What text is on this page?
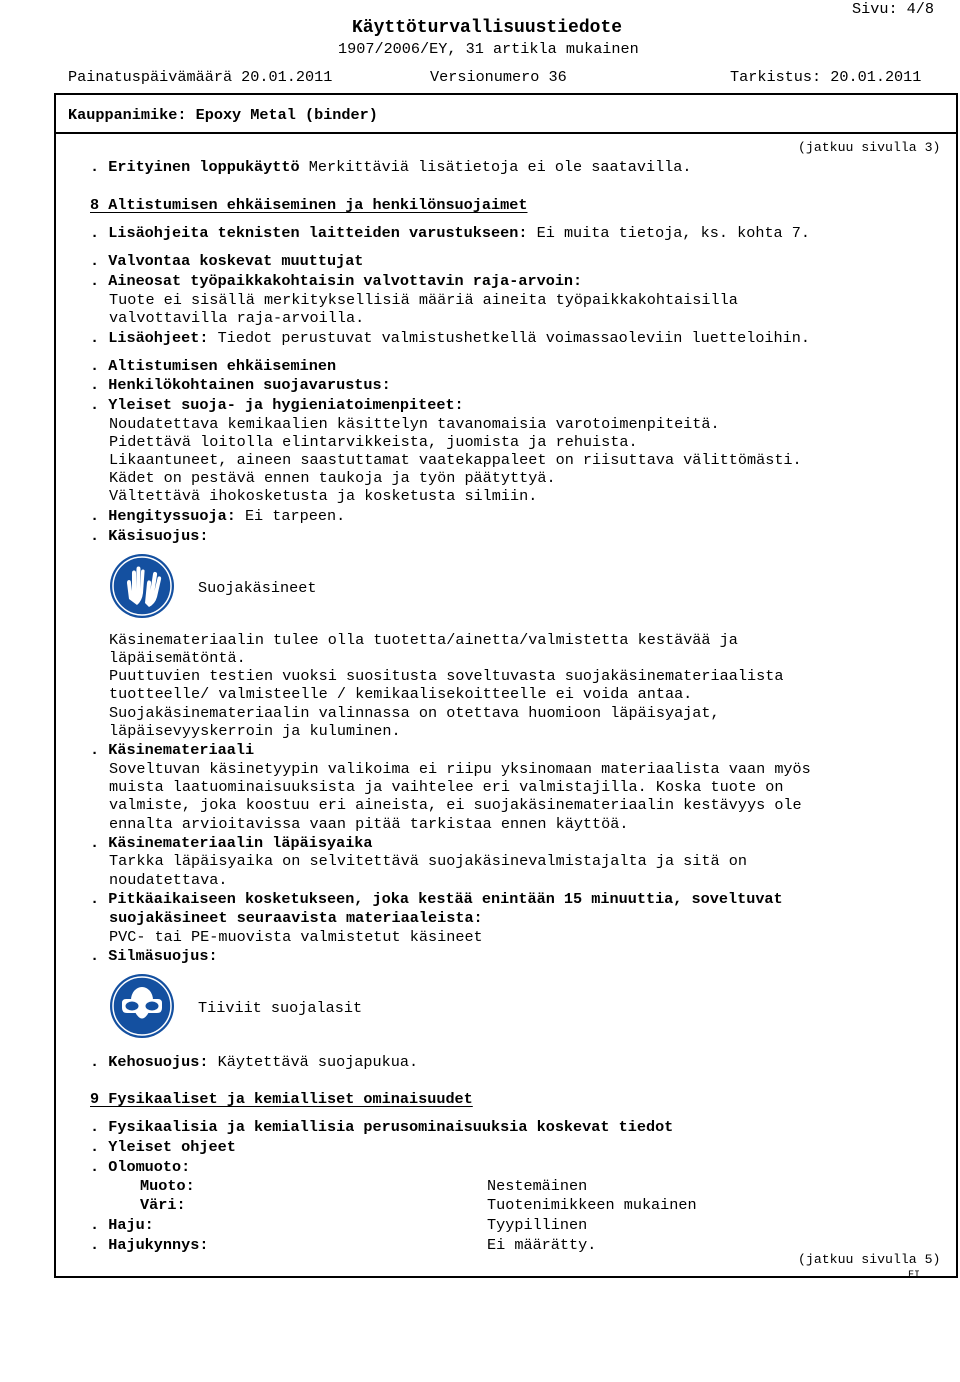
Sivu: 4/8
Käyttöturvallisuustiedote
1907/2006/EY, 31 artikla mukainen
Painatuspäivämäärä 20.01.2011	Versionumero 36	Tarkistus: 20.01.2011
Kauppanimike: Epoxy Metal (binder)
(jatkuu sivulla 3)
. Erityinen loppukäyttö Merkittäviä lisätietoja ei ole saatavilla.
8 Altistumisen ehkäiseminen ja henkilönsuojaimet
. Lisäohjeita teknisten laitteiden varustukseen: Ei muita tietoja, ks. kohta 7.
. Valvontaa koskevat muuttujat
. Aineosat työpaikkakohtaisin valvottavin raja-arvoin:
Tuote ei sisällä merkityksellisiä määriä aineita työpaikkakohtaisilla
valvottavilla raja-arvoilla.
. Lisäohjeet: Tiedot perustuvat valmistushetkellä voimassaoleviin luetteloihin.
. Altistumisen ehkäiseminen
. Henkilökohtainen suojavarustus:
. Yleiset suoja- ja hygieniatoimenpiteet:
Noudatettava kemikaalien käsittelyn tavanomaisia varotoimenpiteitä.
Pidettävä loitolla elintarvikkeista, juomista ja rehuista.
Likaantuneet, aineen saastuttamat vaatekappaleet on riisuttava välittömästi.
Kädet on pestävä ennen taukoja ja työn päätyttyä.
Vältettävä ihokosketusta ja kosketusta silmiin.
. Hengityssuoja: Ei tarpeen.
. Käsisuojus:
Suojakäsineet
Käsinemateriaalin tulee olla tuotetta/ainetta/valmistetta kestävää ja
läpäisemätöntä.
Puuttuvien testien vuoksi suositusta soveltuvasta suojakäsinemateriaalista
tuotteelle/ valmisteelle / kemikaalisekoitteelle ei voida antaa.
Suojakäsinemateriaalin valinnassa on otettava huomioon läpäisyajat,
läpäisevyyskerroin ja kuluminen.
. Käsinemateriaali
Soveltuvan käsinetyypin valikoima ei riipu yksinomaan materiaalista vaan myös
muista laatuominaisuuksista ja vaihtelee eri valmistajilla. Koska tuote on
valmiste, joka koostuu eri aineista, ei suojakäsinemateriaalin kestävyys ole
ennalta arvioitavissa vaan pitää tarkistaa ennen käyttöä.
. Käsinemateriaalin läpäisyaika
Tarkka läpäisyaika on selvitettävä suojakäsinevalmistajalta ja sitä on
noudatettava.
. Pitkäaikaiseen kosketukseen, joka kestää enintään 15 minuuttia, soveltuvat
suojakäsineet seuraavista materiaaleista:
PVC- tai PE-muovista valmistetut käsineet
. Silmäsuojus:
Tiiviit suojalasit
. Kehosuojus: Käytettävä suojapukua.
9 Fysikaaliset ja kemialliset ominaisuudet
. Fysikaalisia ja kemiallisia perusominaisuuksia koskevat tiedot
. Yleiset ohjeet
. Olomuoto:
Muoto:	Nestemäinen
Väri:	Tuotenimikkeen mukainen
. Haju:	Tyypillinen
. Hajukynnys:	Ei määrätty.
(jatkuu sivulla 5)
FI
